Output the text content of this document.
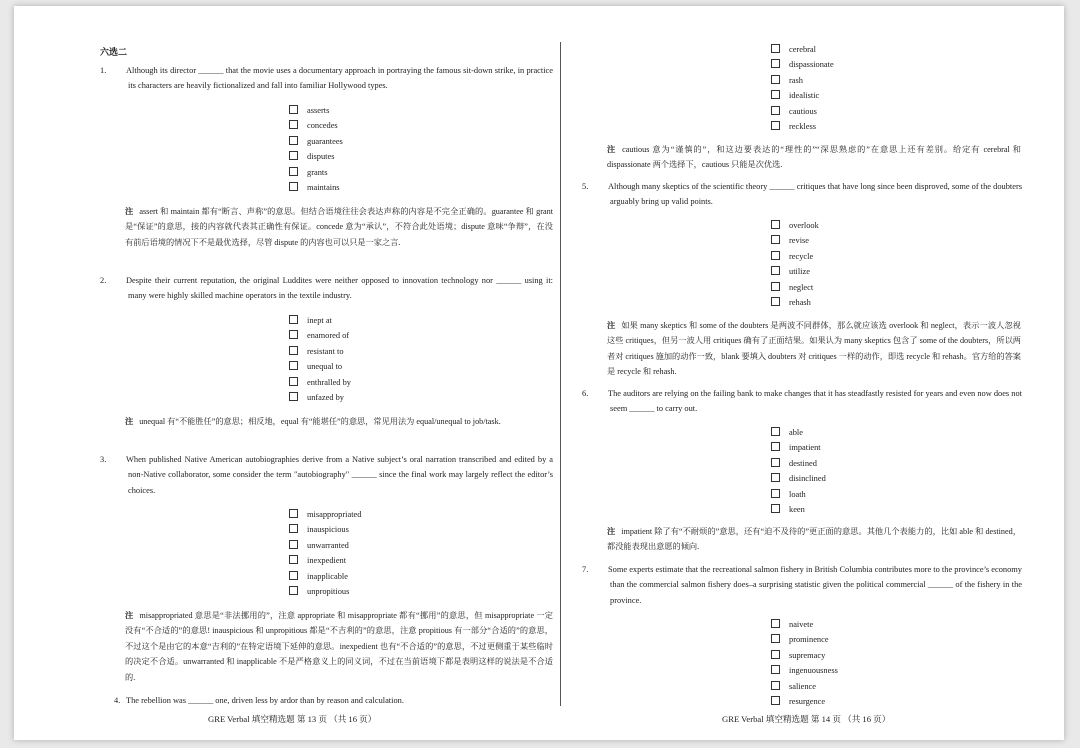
六选二
1. Although its director ______ that the movie uses a documentary approach in portraying the famous sit-down strike, in practice its characters are heavily fictionalized and fall into familiar Hollywood types.
asserts
concedes
guarantees
disputes
grants
maintains
注 assert 和 maintain 都有“断言、声称”的意思。但结合语境往往会表达声称的内容是不完全正确的。guarantee 和 grant 是“保证”的意思，接的内容就代表其正确性有保证。concede 意为“承认”，不符合此处语境；dispute 意味“争辩”，在没有前后语境的情况下不是最优选择，尽管 dispute 的内容也可以只是一家之言.
2. Despite their current reputation, the original Luddites were neither opposed to innovation technology nor ______ using it: many were highly skilled machine operators in the textile industry.
inept at
enamored of
resistant to
unequal to
enthralled by
unfazed by
注 unequal 有“不能胜任”的意思；相反地，equal 有“能堪任”的意思，常见用法为 equal/unequal to job/task.
3. When published Native American autobiographies derive from a Native subject’s oral narration transcribed and edited by a non-Native collaborator, some consider the term "autobiography" ______ since the final work may largely reflect the editor’s choices.
misappropriated
inauspicious
unwarranted
inexpedient
inapplicable
unpropitious
注 misappropriated 意思是“非法挪用的”，注意 appropriate 和 misappropriate 都有“挪用”的意思，但 misappropriate 一定没有“不合适的”的意思! inauspicious 和 unpropitious 都是“不吉利的”的意思，注意 propitious 有一部分“合适的”的意思，不过这个是由它的本意“吉利的”在特定语境下延伸的意思。inexpedient 也有“不合适的”的意思，不过更侧重于某些临时的决定不合适。unwarranted 和 inapplicable 不是严格意义上的同义词，不过在当前语境下都是表明这样的说法是不合适的.
4. The rebellion was ______ one, driven less by ardor than by reason and calculation.
GRE Verbal 填空精选题 第 13 页 （共 16 页）
cerebral
dispassionate
rash
idealistic
cautious
reckless
注 cautious 意为“谨慎的”，和这边要表达的“理性的”“深思熟虑的”在意思上还有差别。给定有 cerebral 和 dispassionate 两个选择下，cautious 只能是次优选.
5. Although many skeptics of the scientific theory ______ critiques that have long since been disproved, some of the doubters arguably bring up valid points.
overlook
revise
recycle
utilize
neglect
rehash
注 如果 many skeptics 和 some of the doubters 是两波不同群体，那么就应该选 overlook 和 neglect，表示一波人忽视这些 critiques，但另一波人用 critiques 确有了正面结果。如果认为 many skeptics 包含了 some of the doubters，所以两者对 critiques 施加的动作一致，blank 要填入 doubters 对 critiques 一样的动作，即选 recycle 和 rehash。官方给的答案是 recycle 和 rehash.
6. The auditors are relying on the failing bank to make changes that it has steadfastly resisted for years and even now does not seem ______ to carry out.
able
impatient
destined
disinclined
loath
keen
注 impatient 除了有“不耐烦的”意思，还有“迫不及待的”更正面的意思。其他几个表能力的，比如 able 和 destined，都没能表现出意愿的倾向.
7. Some experts estimate that the recreational salmon fishery in British Columbia contributes more to the province’s economy than the commercial salmon fishery does–a surprising statistic given the political commercial ______ of the fishery in the province.
naivete
prominence
supremacy
ingenuousness
salience
resurgence
GRE Verbal 填空精选题 第 14 页 （共 16 页）
